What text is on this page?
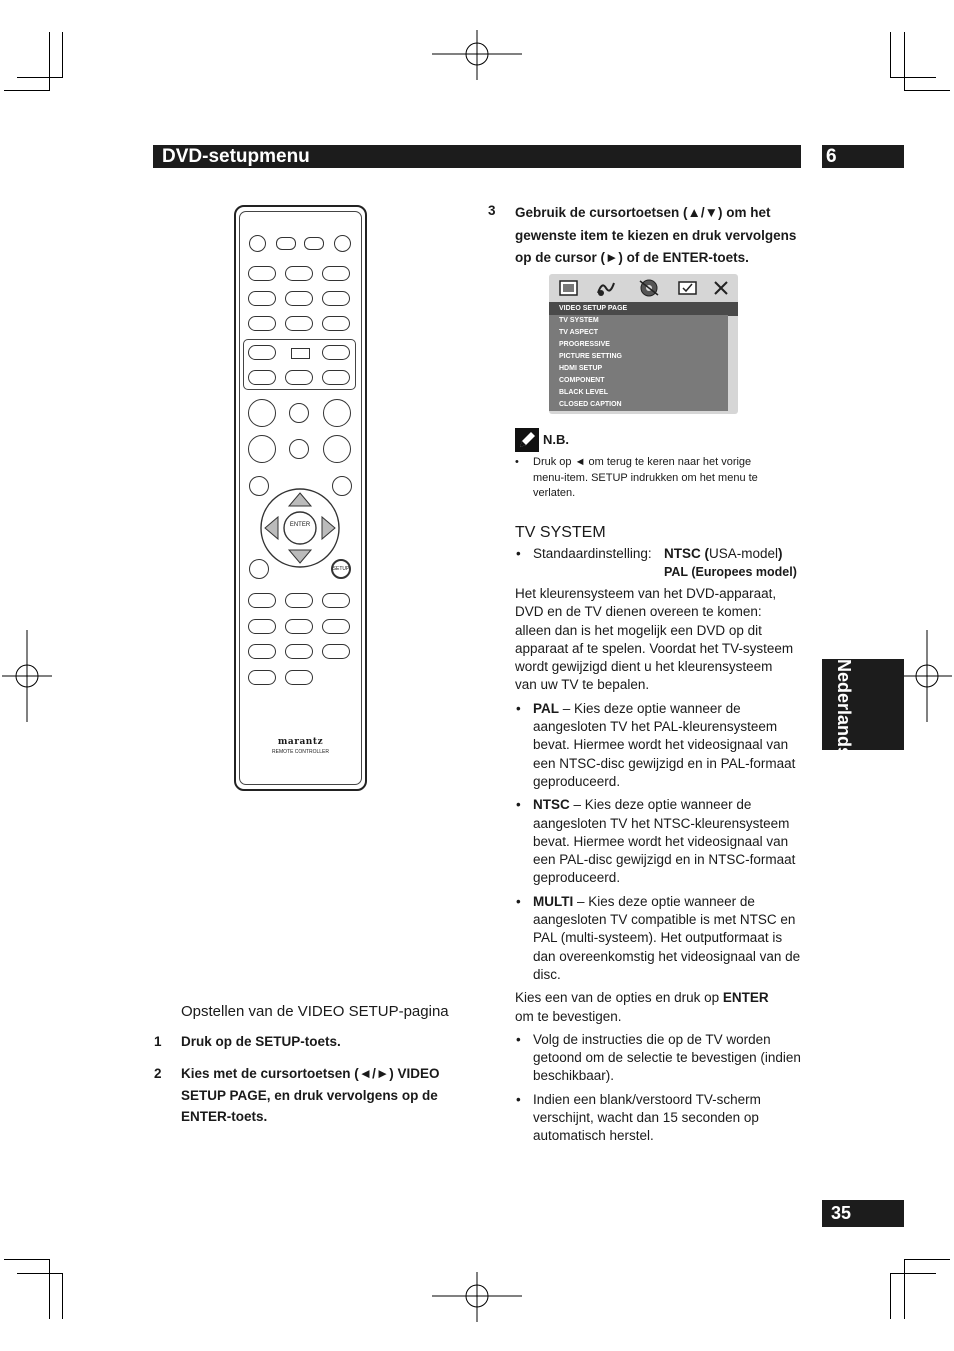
DVD-setupmenu	6
Nederlands
35
ENTER
SETUP
marantz
REMOTE CONTROLLER
3 Gebruik de cursortoetsen (▲/▼) om het gewenste item te kiezen en druk vervolgens op de cursor (►) of de ENTER-toets.
VIDEO SETUP PAGE
TV SYSTEM
TV ASPECT
PROGRESSIVE
PICTURE SETTING
HDMI SETUP
COMPONENT
BLACK LEVEL
CLOSED CAPTION
N.B.
• Druk op ◄ om terug te keren naar het vorige menu-item. SETUP indrukken om het menu te verlaten.
TV SYSTEM
• Standaardinstelling: NTSC (USA-model)
PAL (Europees model)
Het kleurensysteem van het DVD-apparaat, DVD en de TV dienen overeen te komen: alleen dan is het mogelijk een DVD op dit apparaat af te spelen. Voordat het TV-systeem wordt gewijzigd dient u het kleurensysteem van uw TV te bepalen.
• PAL – Kies deze optie wanneer de aangesloten TV het PAL-kleurensysteem bevat. Hiermee wordt het videosignaal van een NTSC-disc gewijzigd en in PAL-formaat geproduceerd.
• NTSC – Kies deze optie wanneer de aangesloten TV het NTSC-kleurensysteem bevat. Hiermee wordt het videosignaal van een PAL-disc gewijzigd en in NTSC-formaat geproduceerd.
• MULTI – Kies deze optie wanneer de aangesloten TV compatible is met NTSC en PAL (multi-systeem). Het outputformaat is dan overeenkomstig het videosignaal van de disc.
Kies een van de opties en druk op ENTER om te bevestigen.
• Volg de instructies die op de TV worden getoond om de selectie te bevestigen (indien beschikbaar).
• Indien een blank/verstoord TV-scherm verschijnt, wacht dan 15 seconden op automatisch herstel.
Opstellen van de VIDEO SETUP-pagina
1 Druk op de SETUP-toets.
2 Kies met de cursortoetsen (◄/►) VIDEO SETUP PAGE, en druk vervolgens op de ENTER-toets.
